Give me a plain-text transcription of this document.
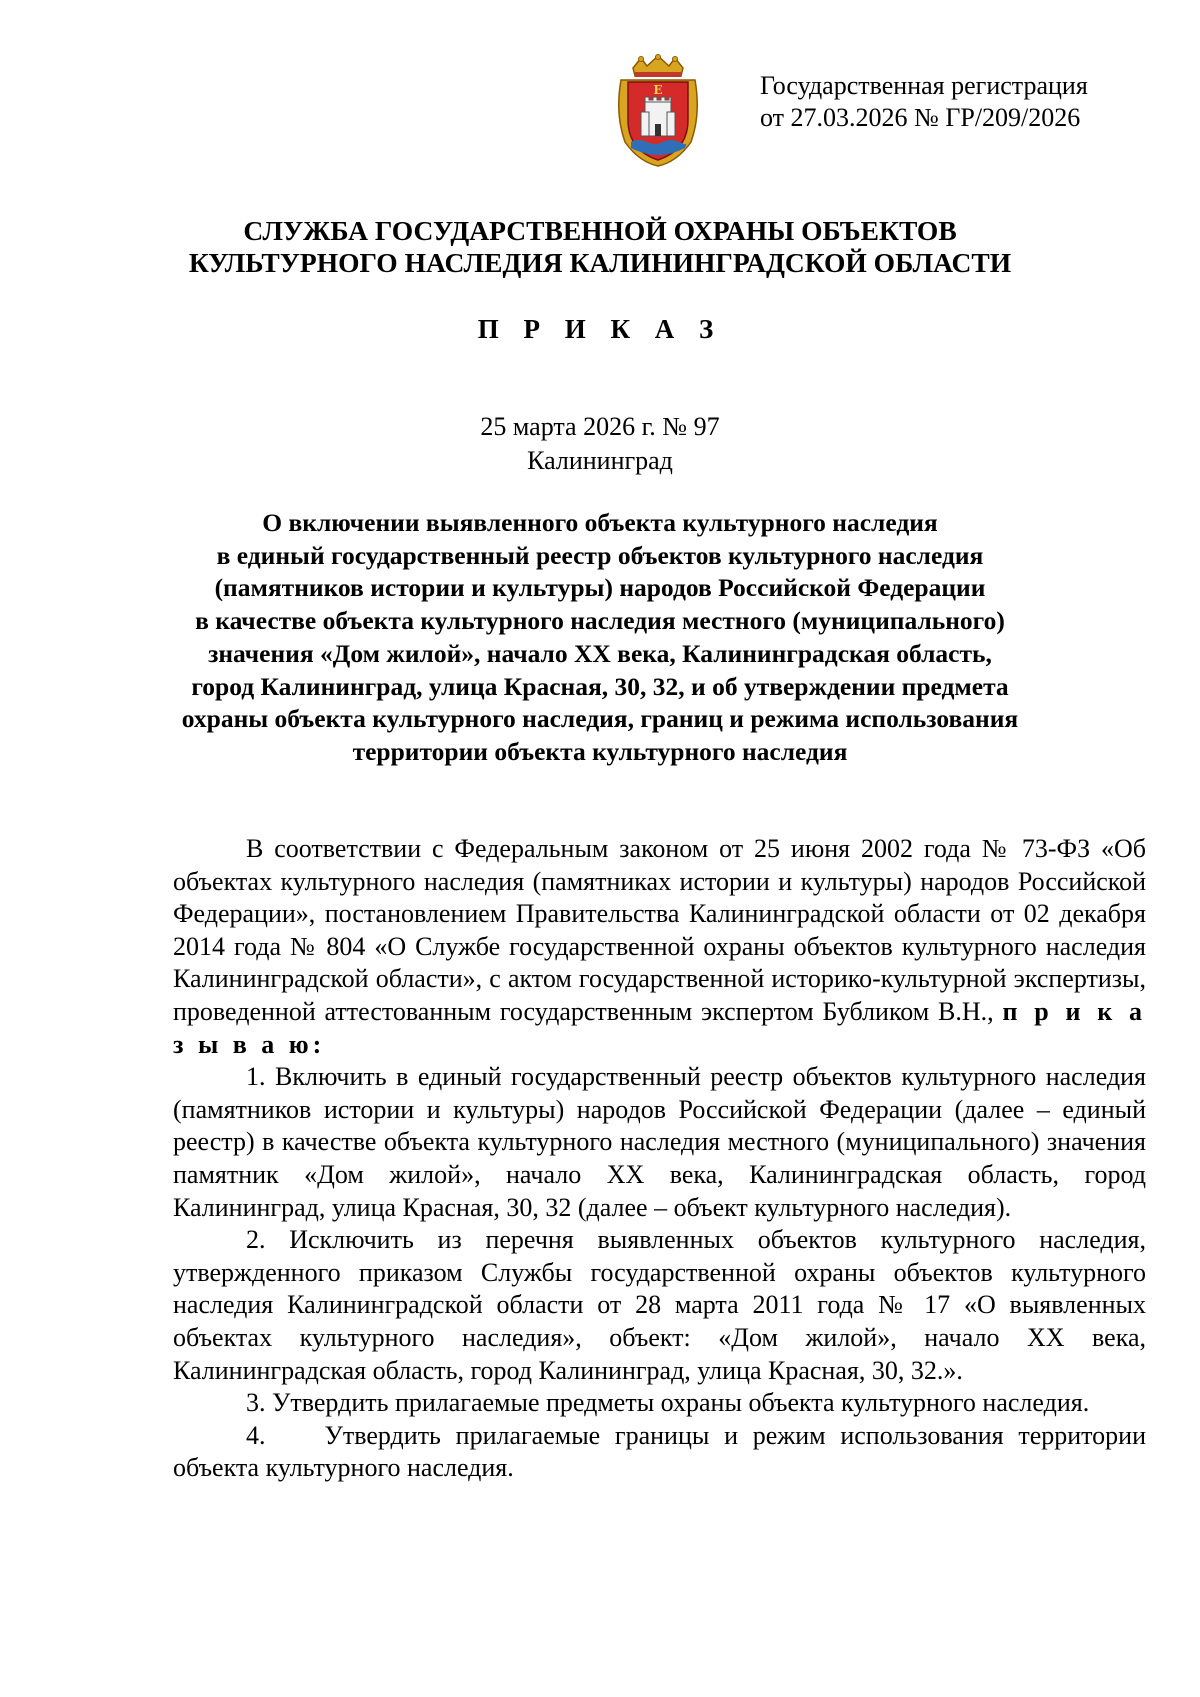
Е	Государственная регистрация
от 27.03.2026 № ГР/209/2026
СЛУЖБА ГОСУДАРСТВЕННОЙ ОХРАНЫ ОБЪЕКТОВ
КУЛЬТУРНОГО НАСЛЕДИЯ КАЛИНИНГРАДСКОЙ ОБЛАСТИ
П Р И К А З
25 марта 2026 г. № 97
Калининград
О включении выявленного объекта культурного наследия
в единый государственный реестр объектов культурного наследия
(памятников истории и культуры) народов Российской Федерации
в качестве объекта культурного наследия местного (муниципального)
значения «Дом жилой», начало XX века, Калининградская область,
город Калининград, улица Красная, 30, 32, и об утверждении предмета
охраны объекта культурного наследия, границ и режима использования
территории объекта культурного наследия

В соответствии с Федеральным законом от 25 июня 2002 года № 73-ФЗ «Об объектах культурного наследия (памятниках истории и культуры) народов Российской Федерации», постановлением Правительства Калининградской области от 02 декабря 2014 года № 804 «О Службе государственной охраны объектов культурного наследия Калининградской области», с актом государственной историко-культурной экспертизы, проведенной аттестованным государственным экспертом Бубликом В.Н., п р и к а з ы в а ю:

1. Включить в единый государственный реестр объектов культурного наследия (памятников истории и культуры) народов Российской Федерации (далее – единый реестр) в качестве объекта культурного наследия местного (муниципального) значения памятник «Дом жилой», начало XX века, Калининградская область, город Калининград, улица Красная, 30, 32 (далее – объект культурного наследия).

2. Исключить из перечня выявленных объектов культурного наследия, утвержденного приказом Службы государственной охраны объектов культурного наследия Калининградской области от 28 марта 2011 года № 17 «О выявленных объектах культурного наследия», объект: «Дом жилой», начало XX века, Калининградская область, город Калининград, улица Красная, 30, 32.».

3. Утвердить прилагаемые предметы охраны объекта культурного наследия.

4.    Утвердить прилагаемые границы и режим использования территории объекта культурного наследия.
